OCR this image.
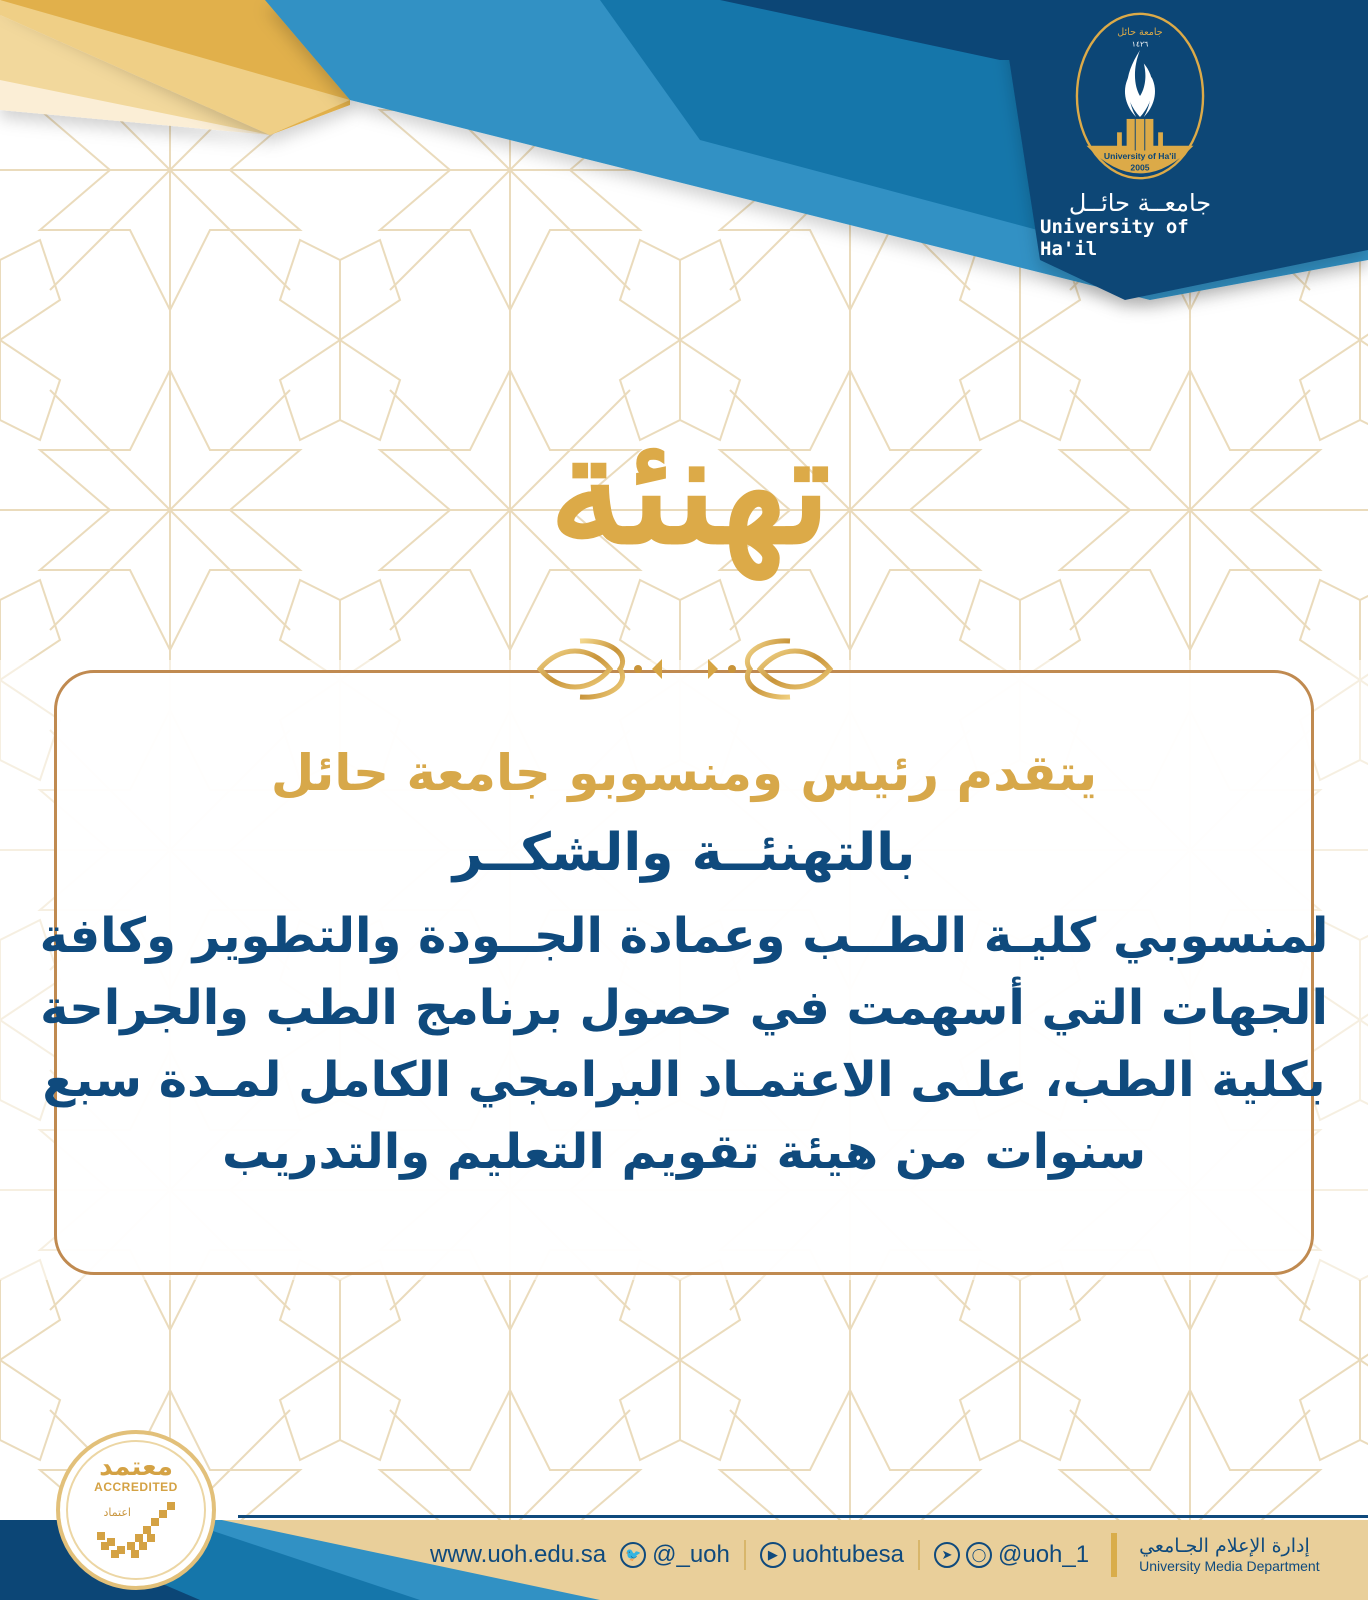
University of Ha'il
2005
جامعة حائل
١٤٢٦
جامعــة حائــل
University of Ha'il
تهنئة
يتقدم رئيس ومنسوبو جامعة حائل
بالتهنئــة والشكــر
لمنسوبي كليـة الطــب وعمادة الجــودة والتطوير وكافة
الجهات التي أسهمت في حصول برنامج الطب والجراحة
بكلية الطب، علـى الاعتمـاد البرامجي الكامل لمـدة سبع
سنوات من هيئة تقويم التعليم والتدريب
www.uoh.edu.sa	🐦 @_uoh	▶ uohtubesa	➤	◯ @uoh_1	إدارة الإعلام الجـامعي
University Media Department
معتمد
ACCREDITED
اعتماد
